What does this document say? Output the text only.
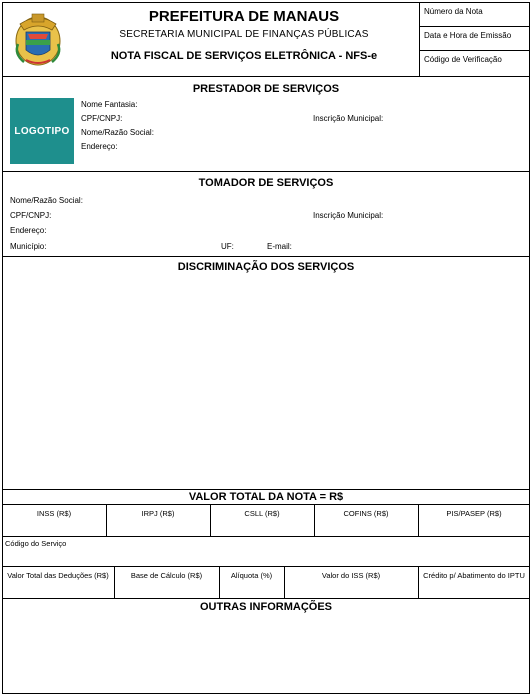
PREFEITURA DE MANAUS
SECRETARIA MUNICIPAL DE FINANÇAS PÚBLICAS
NOTA FISCAL DE SERVIÇOS ELETRÔNICA - NFS-e
Número da Nota
Data e Hora de Emissão
Código de Verificação
PRESTADOR DE SERVIÇOS
LOGOTIPO
Nome Fantasia:
CPF/CNPJ:	Inscrição Municipal:
Nome/Razão Social:
Endereço:
TOMADOR DE SERVIÇOS
Nome/Razão Social:
CPF/CNPJ:	Inscrição Municipal:
Endereço:
Município:	UF:	E-mail:
DISCRIMINAÇÃO DOS SERVIÇOS
VALOR TOTAL DA NOTA = R$
INSS (R$)	IRPJ (R$)	CSLL (R$)	COFINS (R$)	PIS/PASEP (R$)
Código do Serviço
Valor Total das Deduções (R$)	Base de Cálculo (R$)	Alíquota (%)	Valor do ISS (R$)	Crédito p/ Abatimento do IPTU
OUTRAS INFORMAÇÕES
